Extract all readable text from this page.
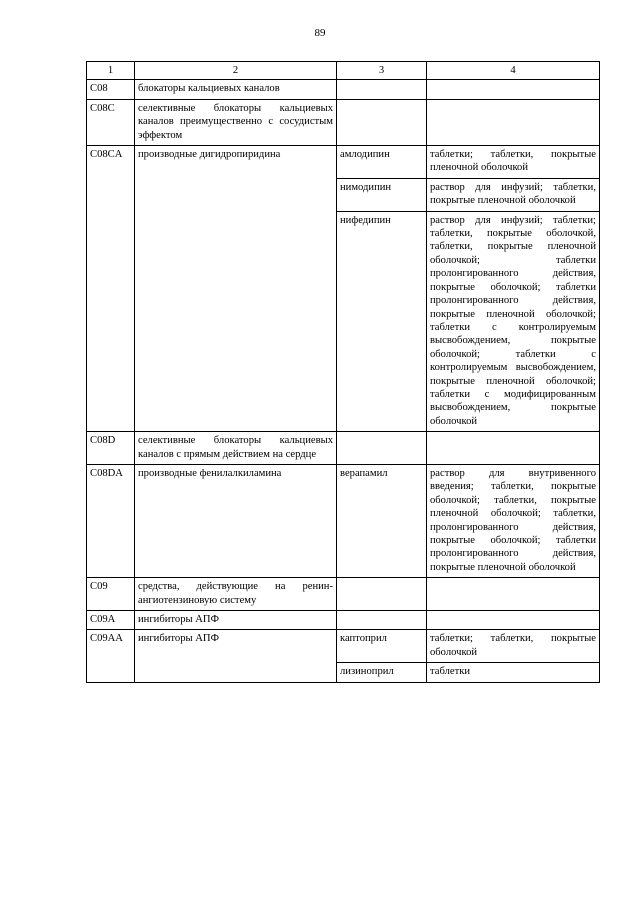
89
1	2	3	4
C08	блокаторы кальциевых каналов		
C08C	селективные блокаторы кальциевых каналов преимущественно с сосудистым эффектом		
C08CA	производные дигидропиридина	амлодипин	таблетки; таблетки, покрытые пленочной оболочкой
		нимодипин	раствор для инфузий; таблетки, покрытые пленочной оболочкой
		нифедипин	раствор для инфузий; таблетки; таблетки, покрытые оболочкой, таблетки, покрытые пленочной оболочкой; таблетки пролонгированного действия, покрытые оболочкой; таблетки пролонгированного действия, покрытые пленочной оболочкой; таблетки с контролируемым высвобождением, покрытые оболочкой; таблетки с контролируемым высвобождением, покрытые пленочной оболочкой; таблетки с модифицированным высвобождением, покрытые оболочкой
C08D	селективные блокаторы кальциевых каналов с прямым действием на сердце		
C08DA	производные фенилалкиламина	верапамил	раствор для внутривенного введения; таблетки, покрытые оболочкой; таблетки, покрытые пленочной оболочкой; таблетки, пролонгированного действия, покрытые оболочкой; таблетки пролонгированного действия, покрытые пленочной оболочкой
C09	средства, действующие на ренин-ангиотензиновую систему		
C09A	ингибиторы АПФ		
C09AA	ингибиторы АПФ	каптоприл	таблетки; таблетки, покрытые оболочкой
		лизиноприл	таблетки
